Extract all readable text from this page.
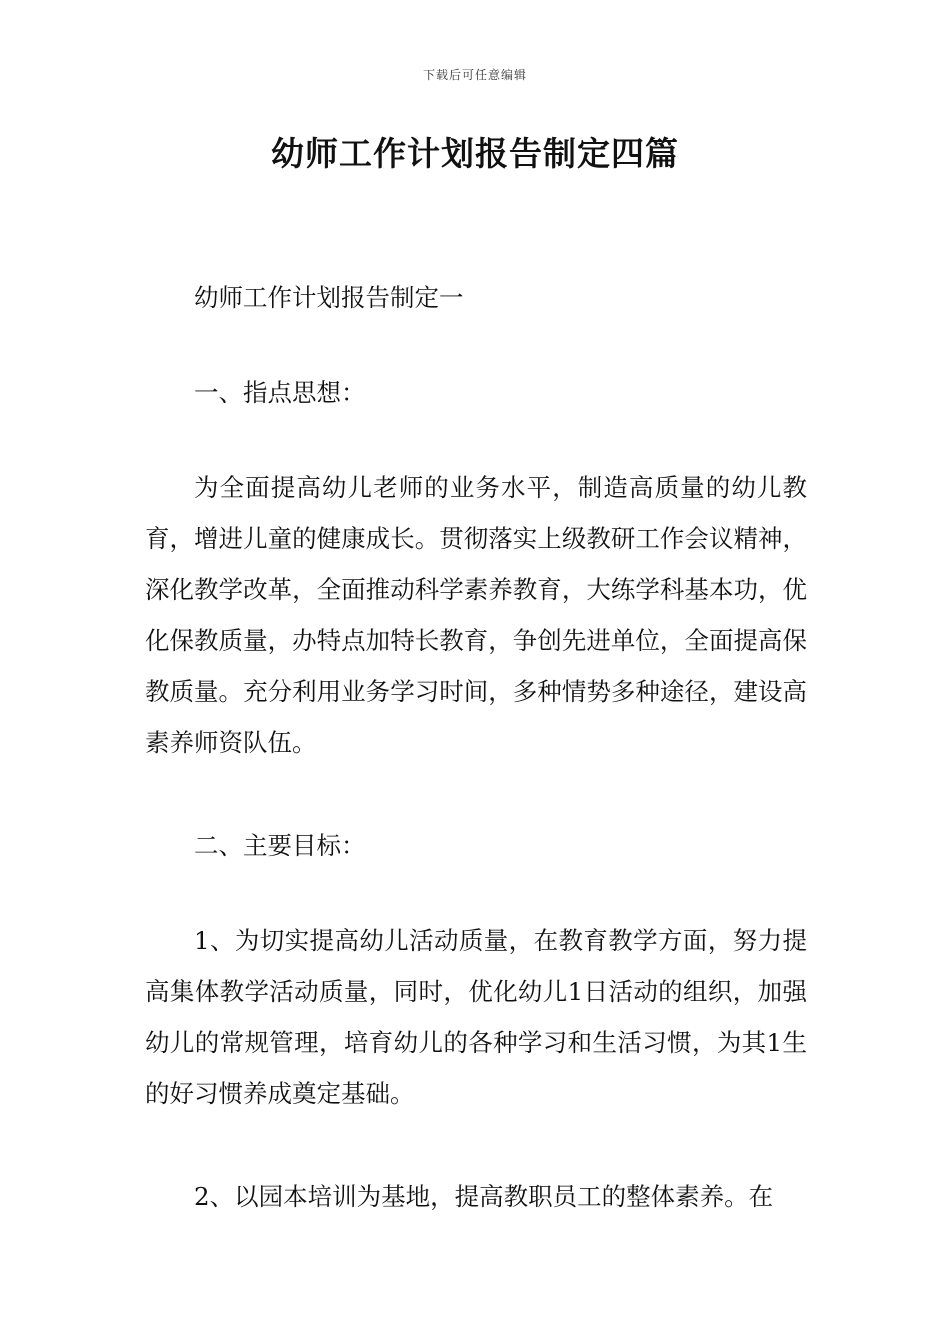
下载后可任意编辑
幼师工作计划报告制定四篇

幼师工作计划报告制定一

一、指点思想：

为全面提高幼儿老师的业务水平，制造高质量的幼儿教育，增进儿童的健康成长。贯彻落实上级教研工作会议精神，深化教学改革，全面推动科学素养教育，大练学科基本功，优化保教质量，办特点加特长教育，争创先进单位，全面提高保教质量。充分利用业务学习时间，多种情势多种途径，建设高素养师资队伍。

二、主要目标：

1、为切实提高幼儿活动质量，在教育教学方面，努力提高集体教学活动质量，同时，优化幼儿1日活动的组织，加强幼儿的常规管理，培育幼儿的各种学习和生活习惯，为其1生的好习惯养成奠定基础。

2、以园本培训为基地，提高教职员工的整体素养。在
